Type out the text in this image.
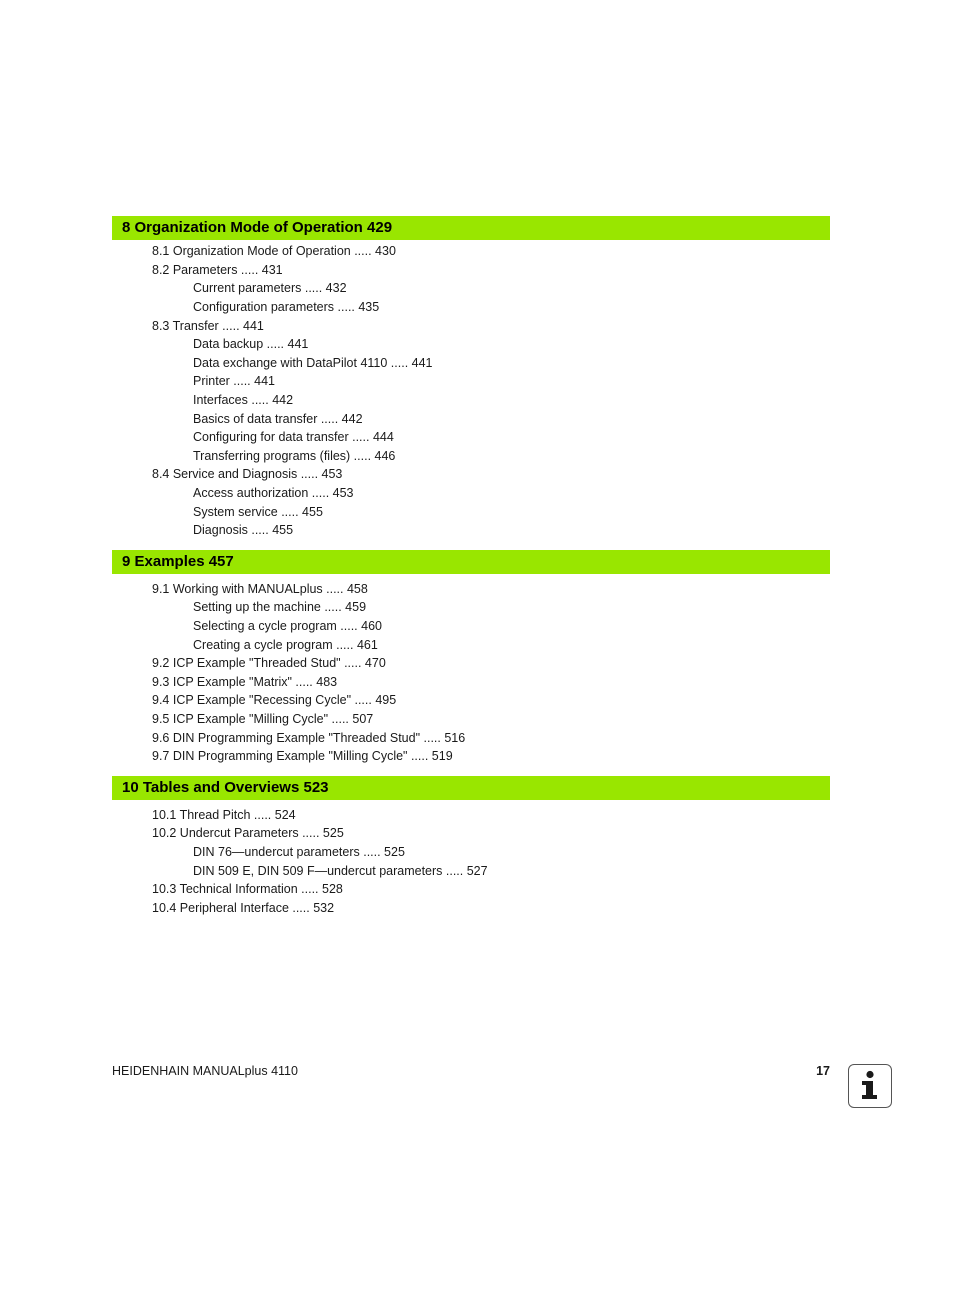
8 Organization Mode of Operation 429
8.1 Organization Mode of Operation ..... 430
8.2 Parameters ..... 431
Current parameters ..... 432
Configuration parameters ..... 435
8.3 Transfer ..... 441
Data backup ..... 441
Data exchange with DataPilot 4110 ..... 441
Printer ..... 441
Interfaces ..... 442
Basics of data transfer ..... 442
Configuring for data transfer ..... 444
Transferring programs (files) ..... 446
8.4 Service and Diagnosis ..... 453
Access authorization ..... 453
System service ..... 455
Diagnosis ..... 455
9 Examples 457
9.1 Working with MANUALplus ..... 458
Setting up the machine ..... 459
Selecting a cycle program ..... 460
Creating a cycle program ..... 461
9.2 ICP Example "Threaded Stud" ..... 470
9.3 ICP Example "Matrix" ..... 483
9.4 ICP Example "Recessing Cycle" ..... 495
9.5 ICP Example "Milling Cycle" ..... 507
9.6 DIN Programming Example "Threaded Stud" ..... 516
9.7 DIN Programming Example "Milling Cycle" ..... 519
10 Tables and Overviews 523
10.1 Thread Pitch ..... 524
10.2 Undercut Parameters ..... 525
DIN 76—undercut parameters ..... 525
DIN 509 E, DIN 509 F—undercut parameters ..... 527
10.3 Technical Information ..... 528
10.4 Peripheral Interface ..... 532
HEIDENHAIN MANUALplus 4110	17
